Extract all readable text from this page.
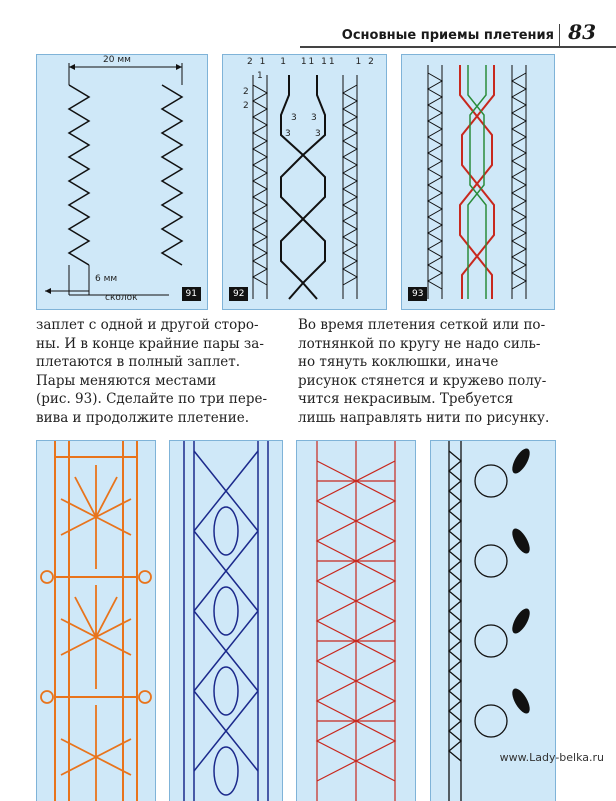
Основные приемы плетения 83
20 мм
6 мм
сколок	91
2 1 1 11 11 1 2
1
2
2
3 3
3	3
92	93
заплет с одной и другой сторо-
ны. И в конце крайние пары за-
плетаются в полный заплет.
Пары меняются местами
(рис. 93). Сделайте по три пере-
вива и продолжите плетение.
Во время плетения сеткой или по-
лотнянкой по кругу не надо силь-
но тянуть коклюшки, иначе
рисунок стянется и кружево полу-
чится некрасивым. Требуется
лишь направлять нити по рисунку.
www.Lady-belka.ru
